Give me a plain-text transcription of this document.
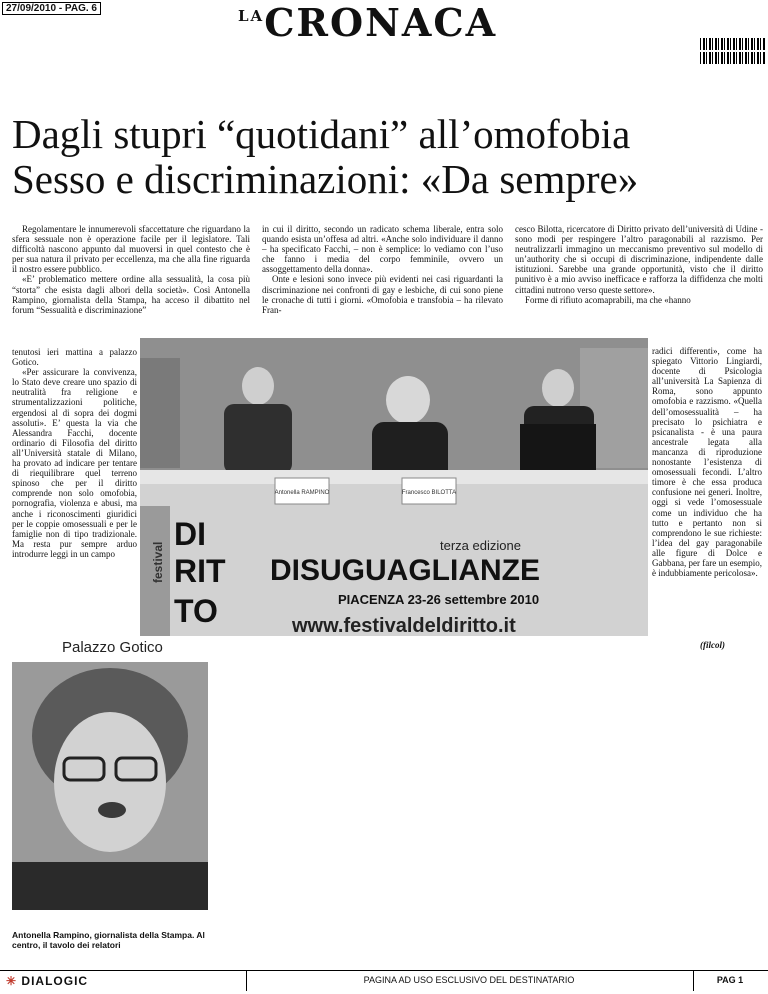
27/09/2010 - PAG. 6	LACRONACA
Dagli stupri “quotidani” all’omofobia
Sesso e discriminazioni: «Da sempre»

Regolamentare le innumerevoli sfaccettature che riguardano la sfera sessuale non è operazione facile per il legislatore. Tali difficoltà nascono appunto dal muoversi in quel contesto che è per sua natura il privato per eccellenza, ma che alla fine riguarda il nostro essere pubblico.

«E’ problematico mettere ordine alla sessualità, la cosa più “storta” che esista dagli albori della società». Così Antonella Rampino, giornalista della Stampa, ha acceso il dibattito nel forum “Sessualità e discriminazione”

tenutosi ieri mattina a palazzo Gotico.

«Per assicurare la convivenza, lo Stato deve creare uno spazio di neutralità fra religione e strumentalizzazioni politiche, ergendosi al di sopra dei dogmi assoluti». E’ questa la via che Alessandra Facchi, docente ordinario di Filosofia del diritto all’Università statale di Milano, ha provato ad indicare per tentare di riequilibrare quel terreno spinoso che per il diritto comprende non solo omofobia, pornografia, violenza e abusi, ma anche i riconoscimenti giuridici per le coppie omosessuali e per le famiglie non di tipo tradizionale. Ma resta pur sempre arduo introdurre leggi in un campo

in cui il diritto, secondo un radicato schema liberale, entra solo quando esista un’offesa ad altri. «Anche solo individuare il danno – ha specificato Facchi, – non è semplice: lo vediamo con l’uso che fanno i media del corpo femminile, ovvero un assoggettamento della donna».

Onte e lesioni sono invece più evidenti nei casi riguardanti la discriminazione nei confronti di gay e lesbiche, di cui sono piene le cronache di tutti i giorni. «Omofobia e transfobia – ha rilevato Fran-

cesco Bilotta, ricercatore di Diritto privato dell’università di Udine - sono modi per respingere l’altro paragonabili al razzismo. Per neutralizzarli immagino un meccanismo preventivo sul modello di un’authority che si occupi di discriminazione, indipendente dalle istituzioni. Sarebbe una grande opportunità, visto che il diritto punitivo è a mio avviso inefficace e rafforza la diffidenza che molti cittadini nutrono verso queste settore».

Forme di rifiuto acomaprabili, ma che «hanno

radici differenti», come ha spiegato Vittorio Lingiardi, docente di Psicologia all’università La Sapienza di Roma, sono appunto omofobia e razzismo. «Quella dell’omosessualità – ha precisato lo psichiatra e psicanalista - è una paura ancestrale legata alla mancanza di riproduzione nonostante l’esistenza di omosessuali fecondi. L’altro timore è che essa produca confusione nei generi. Inoltre, oggi si vede l’omosessuale come un individuo che ha tutto e pertanto non si comprendono le sue richieste: l’idea del gay paragonabile alle figure di Dolce e Gabbana, per fare un esempio, è indubbiamente pericolosa».

(filcol)
Antonella RAMPINO	Francesco BILOTTA
festival
DI
RIT
TO
terza edizione
DISUGUAGLIANZE
PIACENZA 23-26 settembre 2010
www.festivaldeldiritto.it
Palazzo Gotico
Antonella Rampino, giornalista della Stampa. Al centro, il tavolo dei relatori
✳ DIALOGIC	PAGINA AD USO ESCLUSIVO DEL DESTINATARIO	PAG 1
